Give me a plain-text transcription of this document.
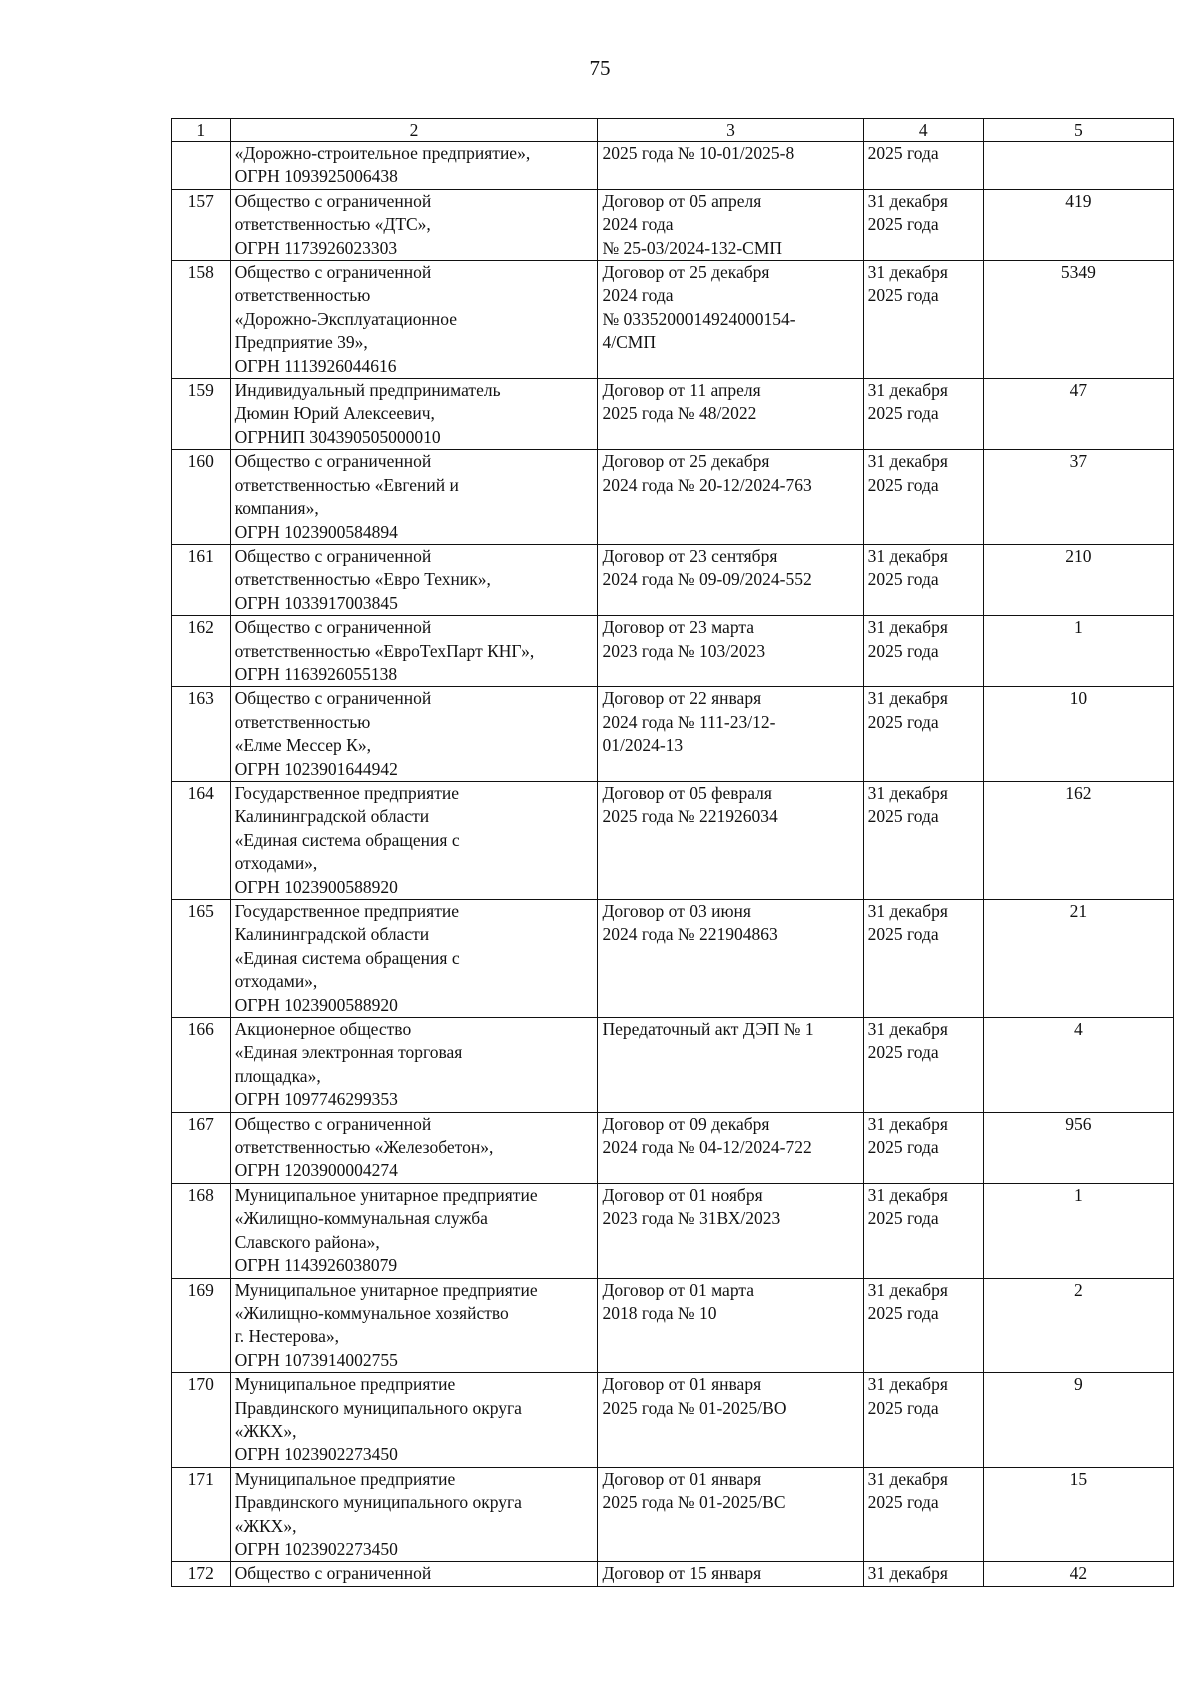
75
1	2	3	4	5
	«Дорожно-строительное предприятие»,
ОГРН 1093925006438	2025 года № 10-01/2025-8	2025 года	
157	Общество с ограниченной
ответственностью «ДТС»,
ОГРН 1173926023303	Договор от 05 апреля
2024 года
№ 25-03/2024-132-СМП	31 декабря
2025 года	419
158	Общество с ограниченной
ответственностью
«Дорожно-Эксплуатационное
Предприятие 39»,
ОГРН 1113926044616	Договор от 25 декабря
2024 года
№ 0335200014924000154-
4/СМП	31 декабря
2025 года	5349
159	Индивидуальный предприниматель
Дюмин Юрий Алексеевич,
ОГРНИП 304390505000010	Договор от 11 апреля
2025 года № 48/2022	31 декабря
2025 года	47
160	Общество с ограниченной
ответственностью «Евгений и
компания»,
ОГРН 1023900584894	Договор от 25 декабря
2024 года № 20-12/2024-763	31 декабря
2025 года	37
161	Общество с ограниченной
ответственностью «Евро Техник»,
ОГРН 1033917003845	Договор от 23 сентября
2024 года № 09-09/2024-552	31 декабря
2025 года	210
162	Общество с ограниченной
ответственностью «ЕвроТехПарт КНГ»,
ОГРН 1163926055138	Договор от 23 марта
2023 года № 103/2023	31 декабря
2025 года	1
163	Общество с ограниченной
ответственностью
«Елме Мессер К»,
ОГРН 1023901644942	Договор от 22 января
2024 года № 111-23/12-
01/2024-13	31 декабря
2025 года	10
164	Государственное предприятие
Калининградской области
«Единая система обращения с
отходами»,
ОГРН 1023900588920	Договор от 05 февраля
2025 года № 221926034	31 декабря
2025 года	162
165	Государственное предприятие
Калининградской области
«Единая система обращения с
отходами»,
ОГРН 1023900588920	Договор от 03 июня
2024 года № 221904863	31 декабря
2025 года	21
166	Акционерное общество
«Единая электронная торговая
площадка»,
ОГРН 1097746299353	Передаточный акт ДЭП № 1	31 декабря
2025 года	4
167	Общество с ограниченной
ответственностью «Железобетон»,
ОГРН 1203900004274	Договор от 09 декабря
2024 года № 04-12/2024-722	31 декабря
2025 года	956
168	Муниципальное унитарное предприятие
«Жилищно-коммунальная служба
Славского района»,
ОГРН 1143926038079	Договор от 01 ноября
2023 года № 31ВХ/2023	31 декабря
2025 года	1
169	Муниципальное унитарное предприятие
«Жилищно-коммунальное хозяйство
г. Нестерова»,
ОГРН 1073914002755	Договор от 01 марта
2018 года № 10	31 декабря
2025 года	2
170	Муниципальное предприятие
Правдинского муниципального округа
«ЖКХ»,
ОГРН 1023902273450	Договор от 01 января
2025 года № 01-2025/ВО	31 декабря
2025 года	9
171	Муниципальное предприятие
Правдинского муниципального округа
«ЖКХ»,
ОГРН 1023902273450	Договор от 01 января
2025 года № 01-2025/ВС	31 декабря
2025 года	15
172	Общество с ограниченной	Договор от 15 января	31 декабря	42
